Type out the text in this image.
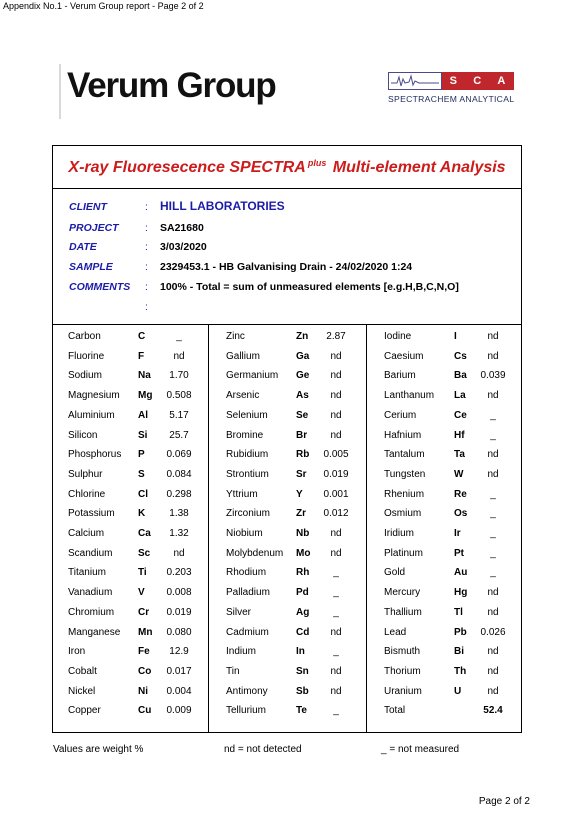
Appendix No.1 - Verum Group report - Page 2 of 2
Verum Group	S C A
SPECTRACHEM ANALYTICAL
X-ray Fluoresecence SPECTRA $^{plus}$ Multi-element Analysis
CLIENT	: HILL LABORATORIES
PROJECT	: SA21680
DATE	: 3/03/2020
SAMPLE	: 2329453.1 - HB Galvanising Drain - 24/02/2020 1:24
COMMENTS	: 100% - Total = sum of unmeasured elements [e.g.H,B,C,N,O]
:
Carbon	C	_
Fluorine	F	nd
Sodium	Na	1.70
Magnesium Mg	0.508
Aluminium Al	5.17
Silicon	Si	25.7
Phosphorus P	0.069
Sulphur	S	0.084
Chlorine	Cl	0.298
Potassium K	1.38
Calcium	Ca	1.32
Scandium	Sc	nd
Titanium	Ti	0.203
Vanadium	V	0.008
Chromium Cr	0.019
Manganese Mn	0.080
Iron	Fe	12.9
Cobalt	Co	0.017
Nickel	Ni	0.004
Copper	Cu	0.009
Zinc	Zn	2.87
Gallium	Ga	nd
Germanium Ge	nd
Arsenic	As	nd
Selenium	Se	nd
Bromine	Br	nd
Rubidium	Rb	0.005
Strontium	Sr	0.019
Yttrium	Y	0.001
Zirconium	Zr	0.012
Niobium	Nb	nd
Molybdenum Mo	nd
Rhodium	Rh	_
Palladium	Pd	_
Silver	Ag	_
Cadmium	Cd	nd
Indium	In	_
Tin	Sn	nd
Antimony	Sb	nd
Tellurium	Te	_
Iodine	I	nd
Caesium	Cs	nd
Barium	Ba	0.039
Lanthanum La	nd
Cerium	Ce	_
Hafnium	Hf	_
Tantalum	Ta	nd
Tungsten	W	nd
Rhenium	Re	_
Osmium	Os	_
Iridium	Ir	_
Platinum	Pt	_
Gold	Au	_
Mercury	Hg	nd
Thallium	Tl	nd
Lead	Pb	0.026
Bismuth	Bi	nd
Thorium	Th	nd
Uranium	U	nd
Total	52.4
Values are weight %	nd = not detected	_ = not measured
Page 2 of 2
